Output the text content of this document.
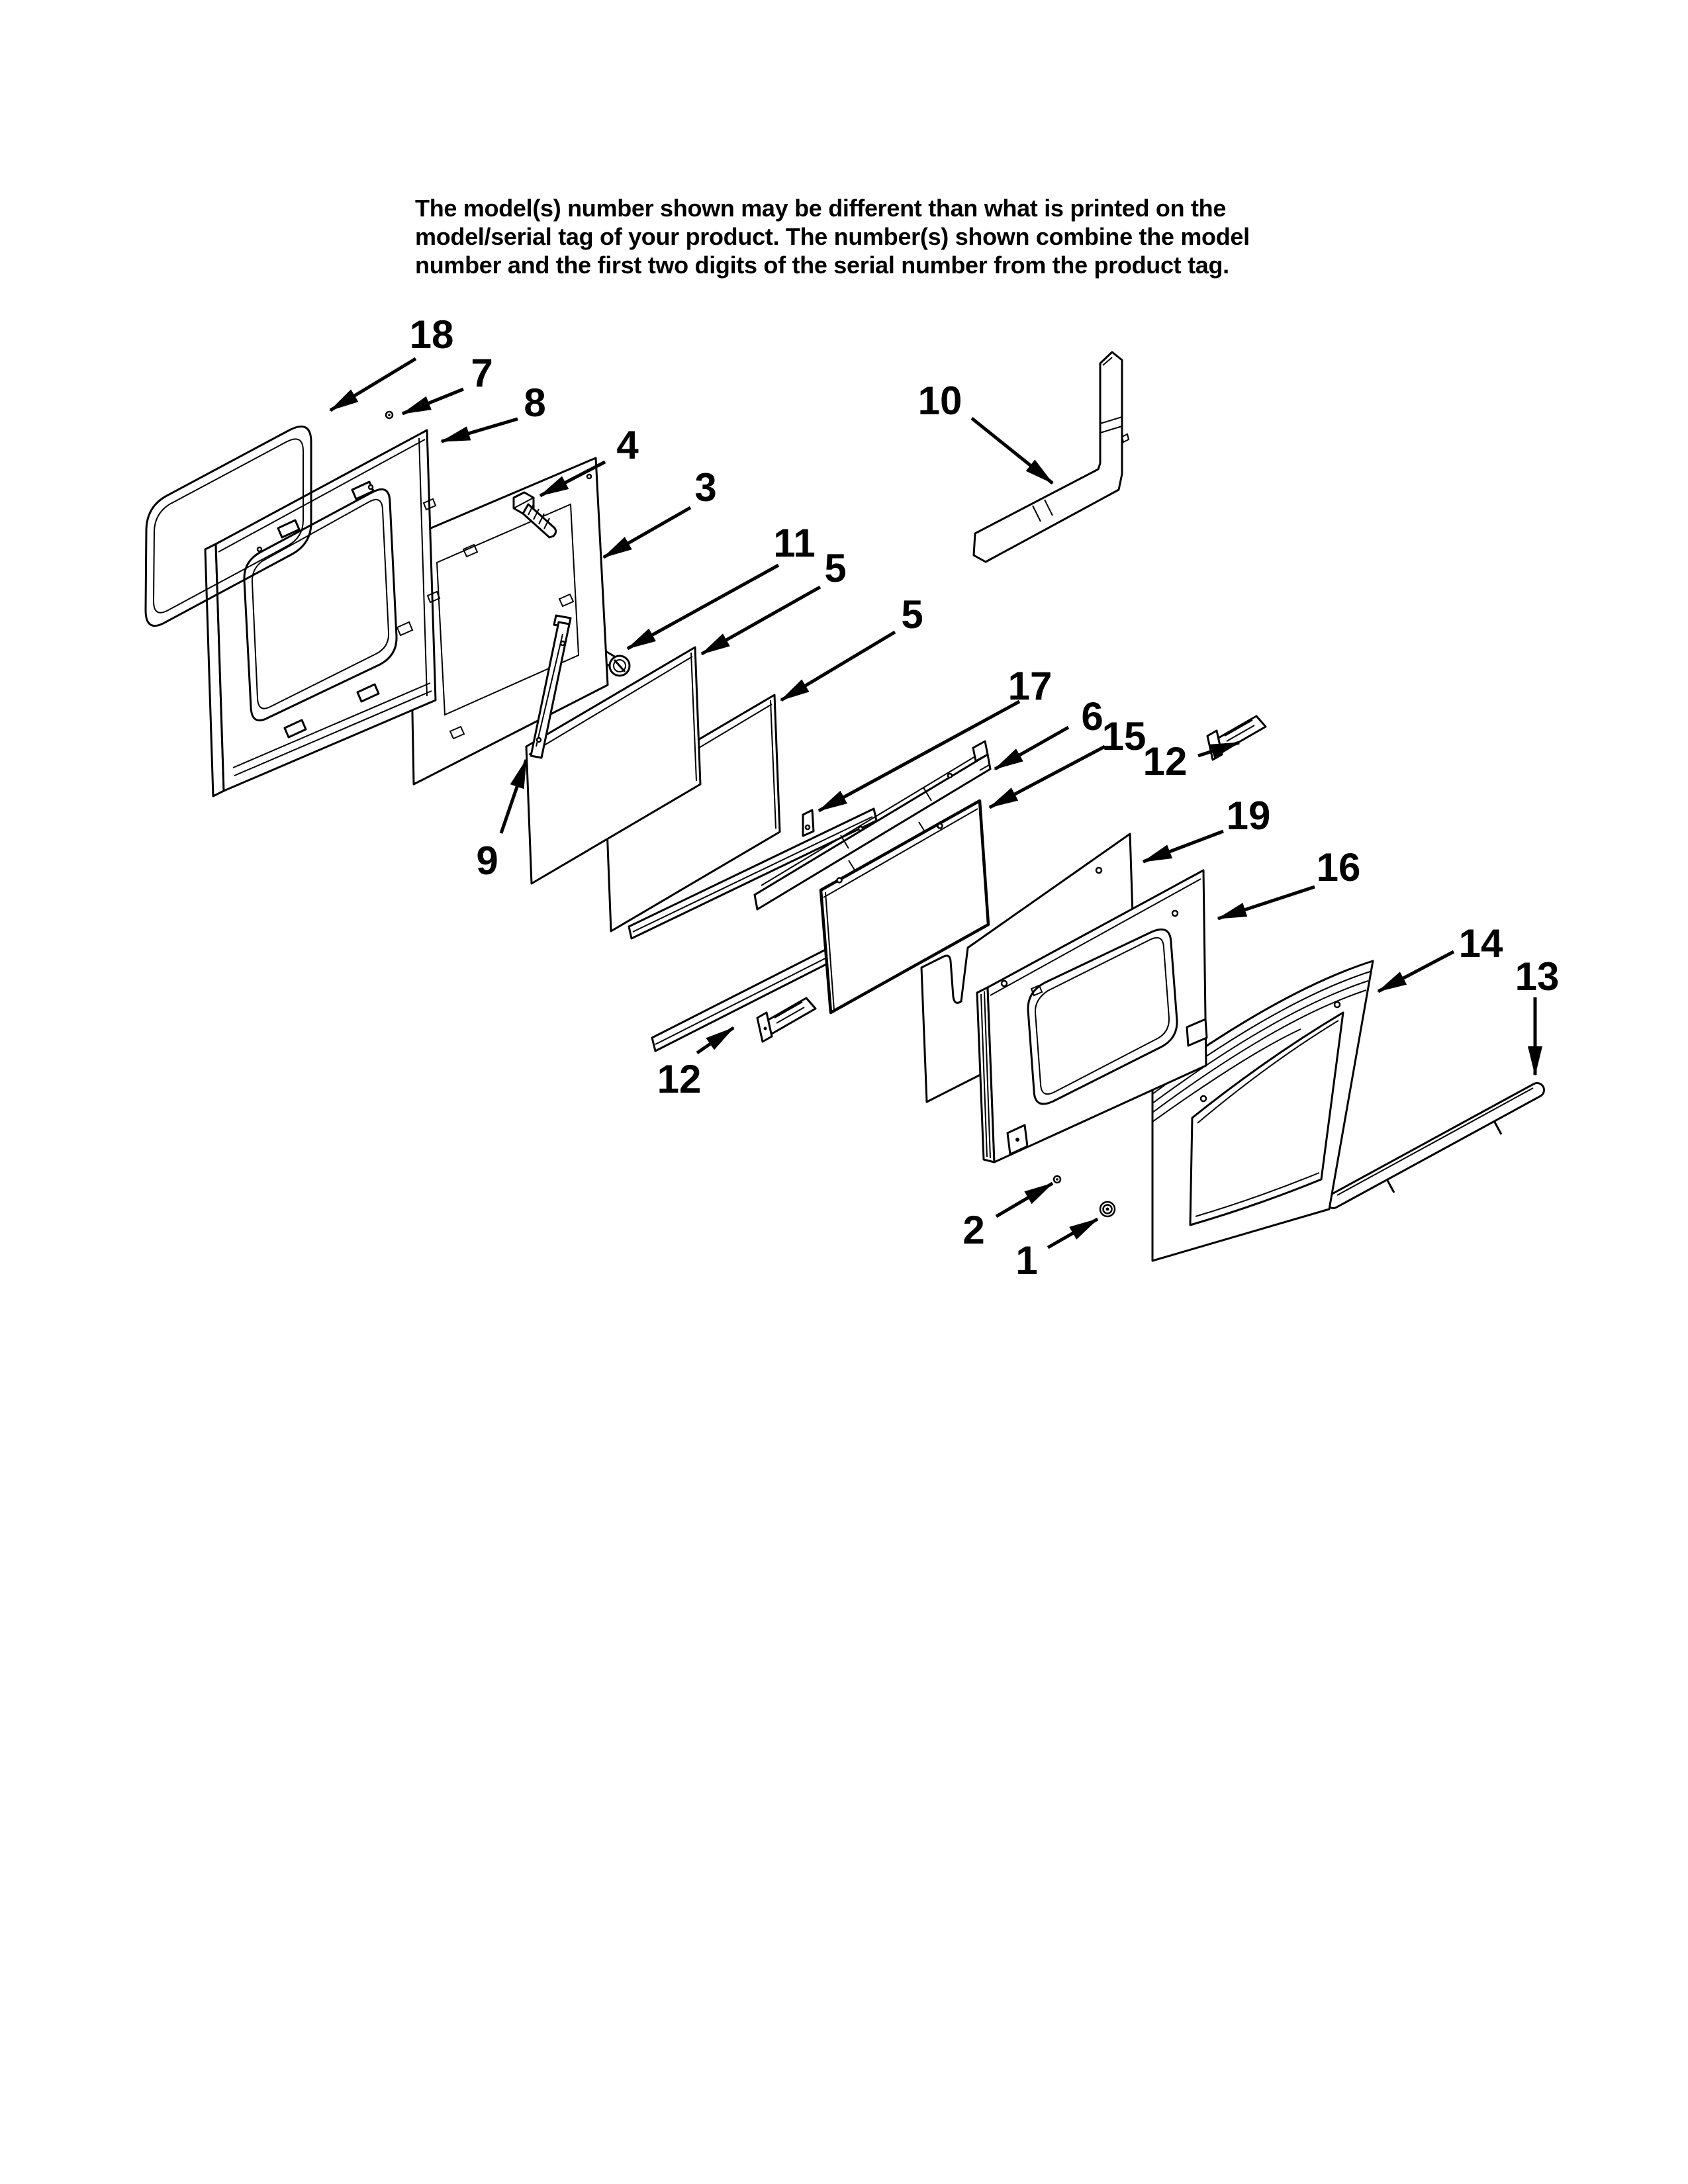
The model(s) number shown may be different than what is printed on the
model/serial tag of your product. The number(s) shown combine the model
number and the first two digits of the serial number from the product tag.
18
7
8
4
3
11
5
5
10
17
6
15
12
19
16
14
13
9
12
2
1
